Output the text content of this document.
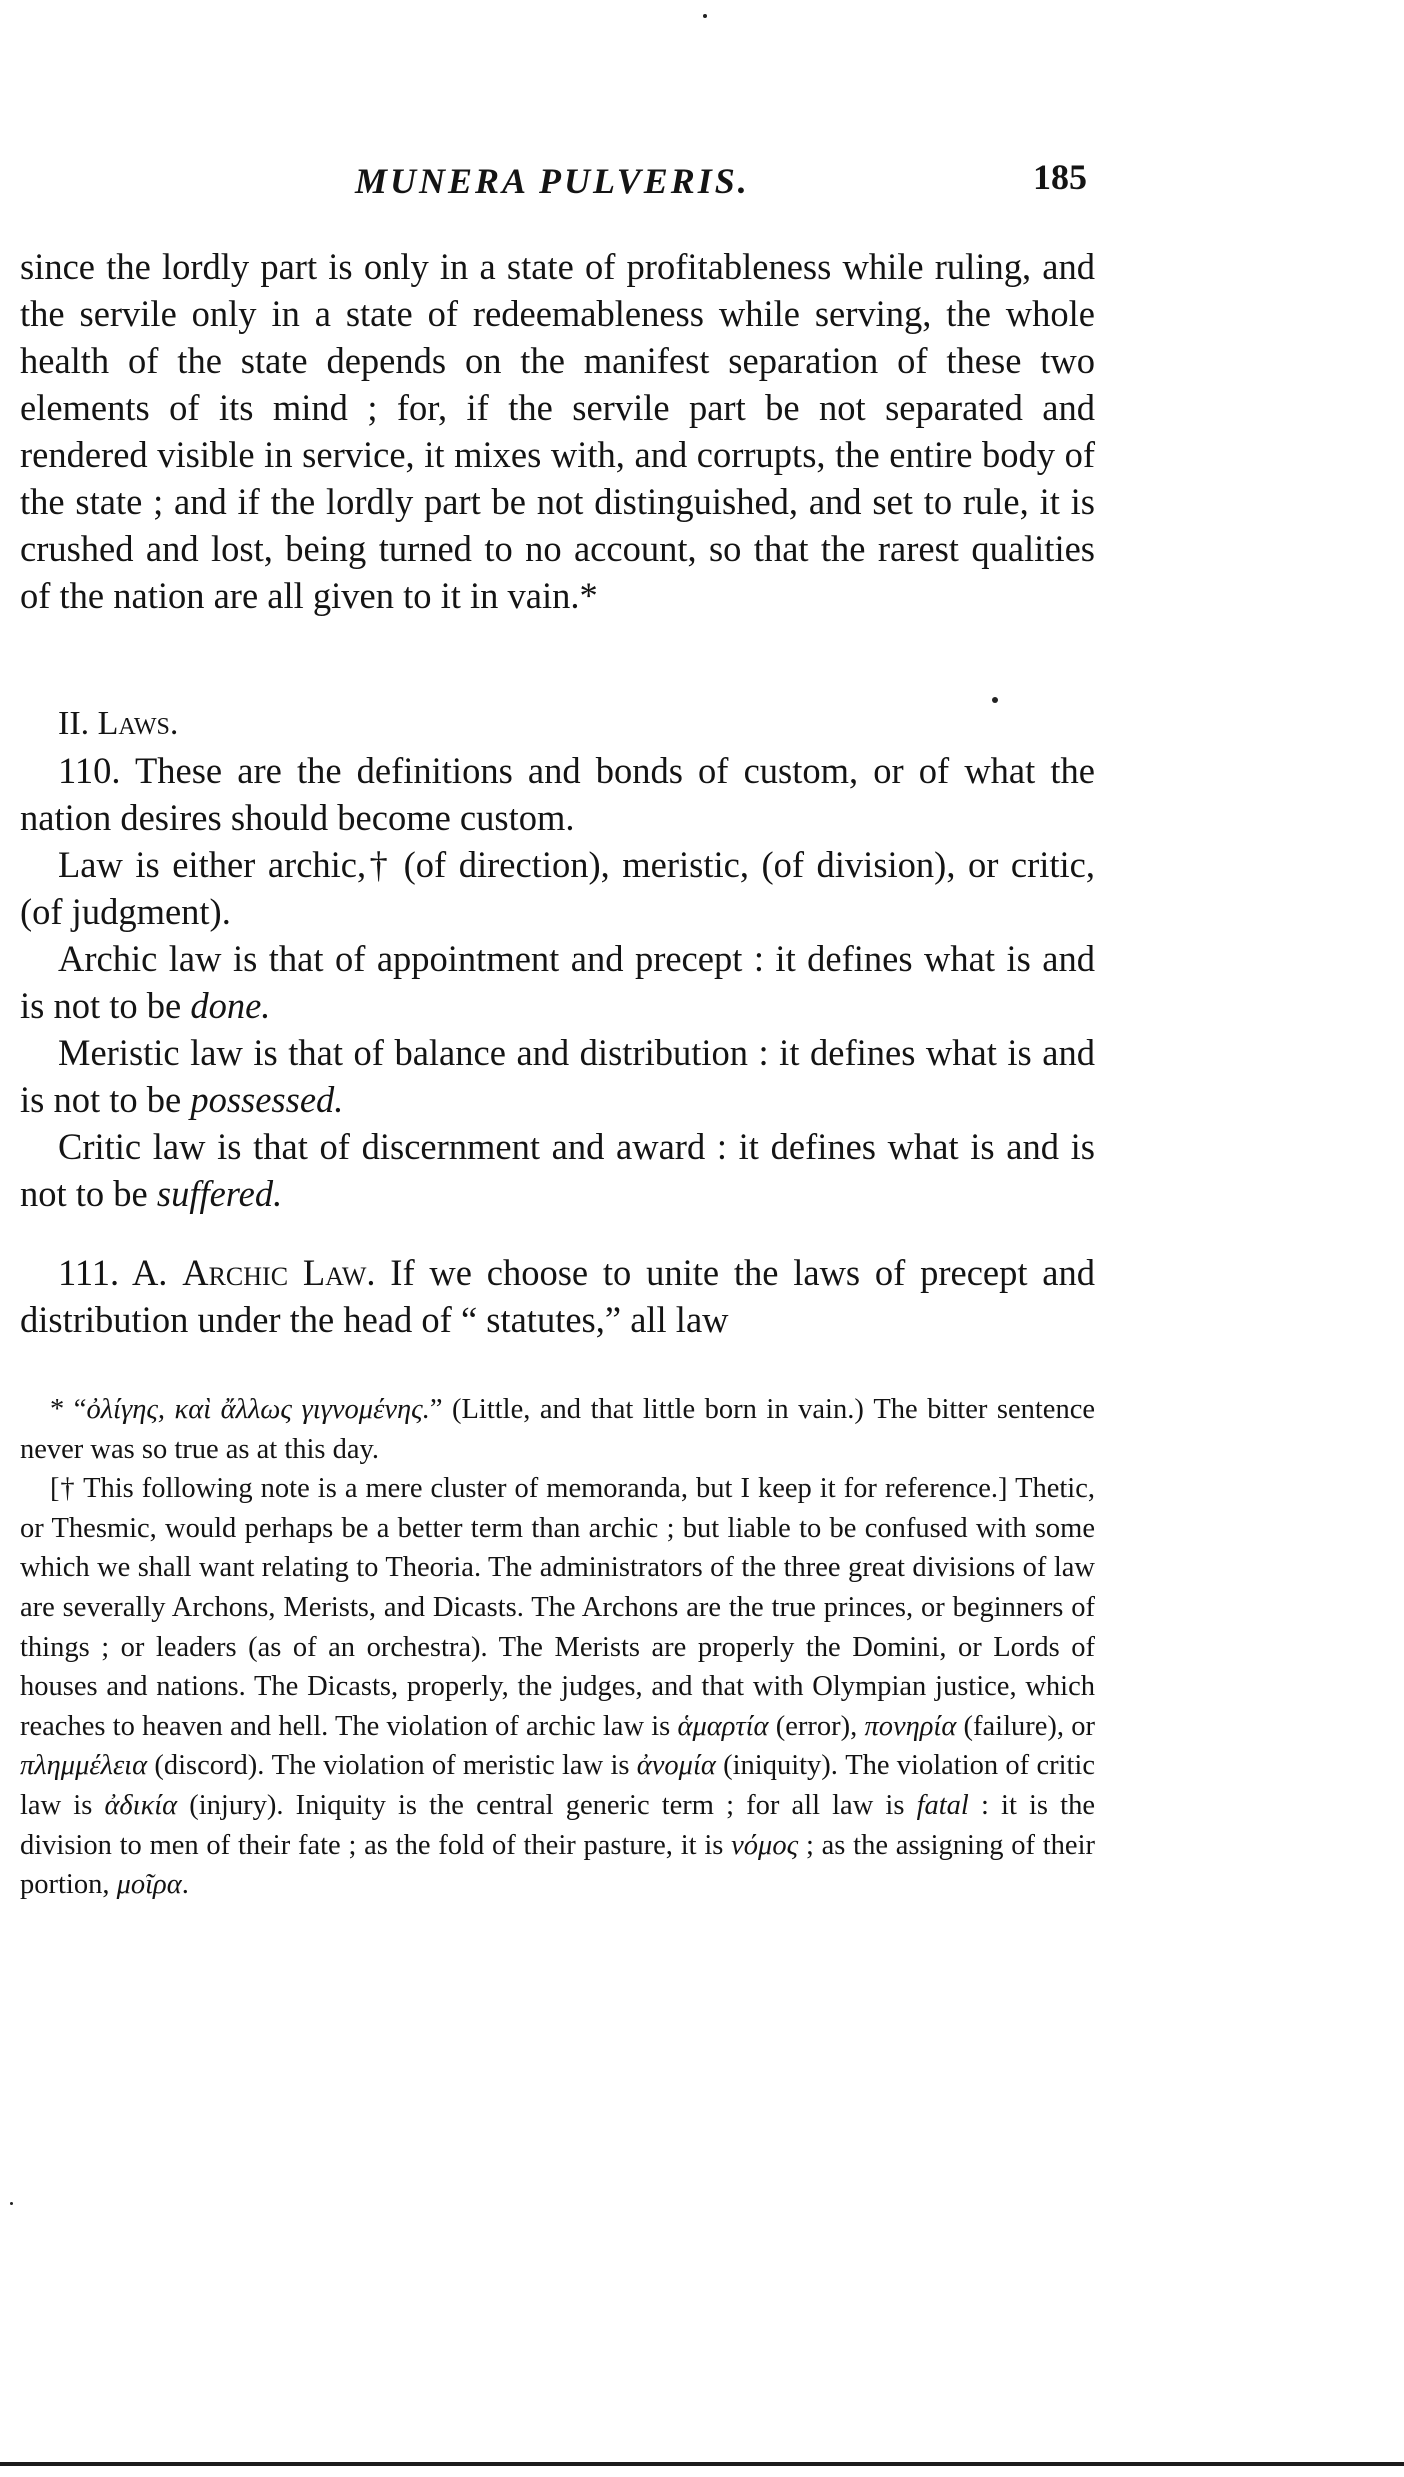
MUNERA PULVERIS.	185

since the lordly part is only in a state of profitableness while ruling, and the servile only in a state of redeemableness while serving, the whole health of the state depends on the manifest separation of these two elements of its mind ; for, if the servile part be not separated and rendered visible in service, it mixes with, and corrupts, the entire body of the state ; and if the lordly part be not distinguished, and set to rule, it is crushed and lost, being turned to no account, so that the rarest qualities of the nation are all given to it in vain.*

II. Laws.

110. These are the definitions and bonds of custom, or of what the nation desires should become custom.

Law is either archic,† (of direction), meristic, (of division), or critic, (of judgment).

Archic law is that of appointment and precept : it defines what is and is not to be done.

Meristic law is that of balance and distribution : it defines what is and is not to be possessed.

Critic law is that of discernment and award : it defines what is and is not to be suffered.

111. A. Archic Law. If we choose to unite the laws of precept and distribution under the head of “ statutes,” all law

* “ὀλίγης, καὶ ἄλλως γιγνομένης.” (Little, and that little born in vain.) The bitter sentence never was so true as at this day.

[† This following note is a mere cluster of memoranda, but I keep it for reference.] Thetic, or Thesmic, would perhaps be a better term than archic ; but liable to be confused with some which we shall want relating to Theoria. The administrators of the three great divisions of law are severally Archons, Merists, and Dicasts. The Archons are the true princes, or beginners of things ; or leaders (as of an orchestra). The Merists are properly the Domini, or Lords of houses and nations. The Dicasts, properly, the judges, and that with Olympian justice, which reaches to heaven and hell. The violation of archic law is ἁμαρτία (error), πονηρία (failure), or πλημμέλεια (discord). The violation of meristic law is ἀνομία (iniquity). The violation of critic law is ἀδικία (injury). Iniquity is the central generic term ; for all law is fatal : it is the division to men of their fate ; as the fold of their pasture, it is νόμος ; as the assigning of their portion, μοῖρα.
